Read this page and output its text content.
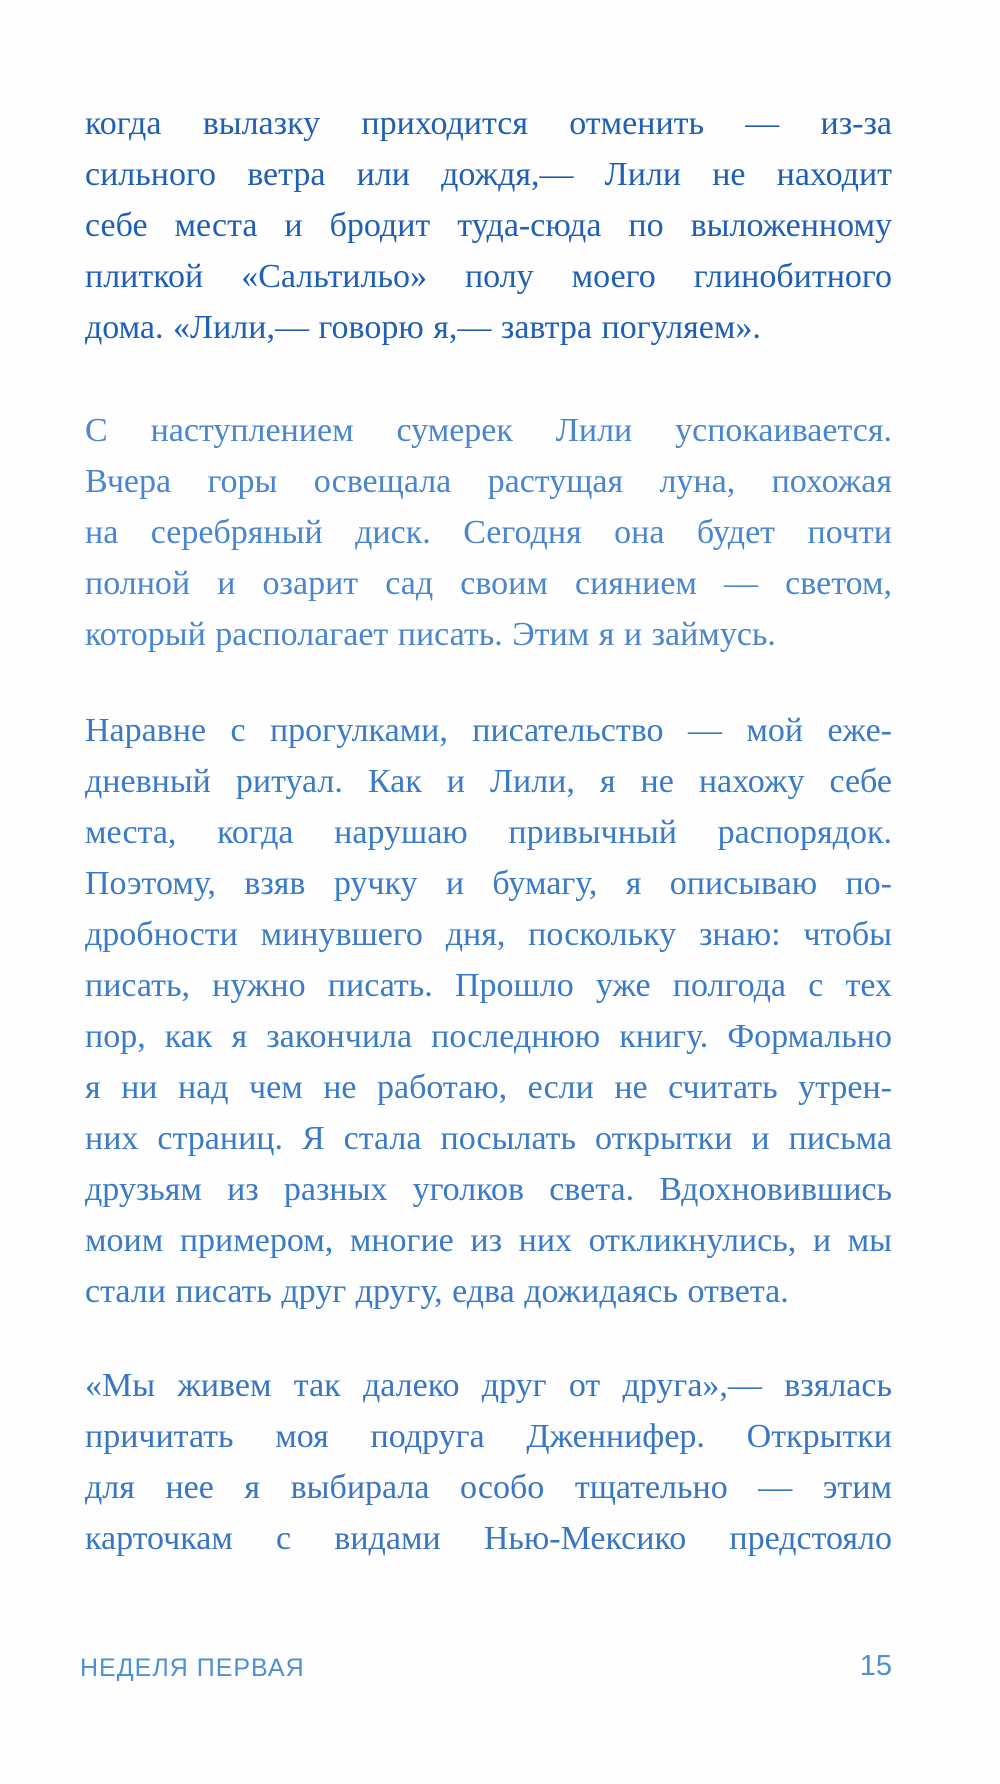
когда вылазку приходится отменить — из-за
сильного ветра или дождя,— Лили не находит
себе места и бродит туда-сюда по выложенному
плиткой «Сальтильо» полу моего глинобитного
дома. «Лили,— говорю я,— завтра погуляем».
С наступлением сумерек Лили успокаивается.
Вчера горы освещала растущая луна, похожая
на серебряный диск. Сегодня она будет почти
полной и озарит сад своим сиянием — светом,
который располагает писать. Этим я и займусь.
Наравне с прогулками, писательство — мой еже-
дневный ритуал. Как и Лили, я не нахожу себе
места, когда нарушаю привычный распорядок.
Поэтому, взяв ручку и бумагу, я описываю по-
дробности минувшего дня, поскольку знаю: чтобы
писать, нужно писать. Прошло уже полгода с тех
пор, как я закончила последнюю книгу. Формально
я ни над чем не работаю, если не считать утрен-
них страниц. Я стала посылать открытки и письма
друзьям из разных уголков света. Вдохновившись
моим примером, многие из них откликнулись, и мы
стали писать друг другу, едва дожидаясь ответа.
«Мы живем так далеко друг от друга»,— взялась
причитать моя подруга Дженнифер. Открытки
для нее я выбирала особо тщательно — этим
карточкам с видами Нью-Мексико предстояло
НЕДЕЛЯ ПЕРВАЯ	15
